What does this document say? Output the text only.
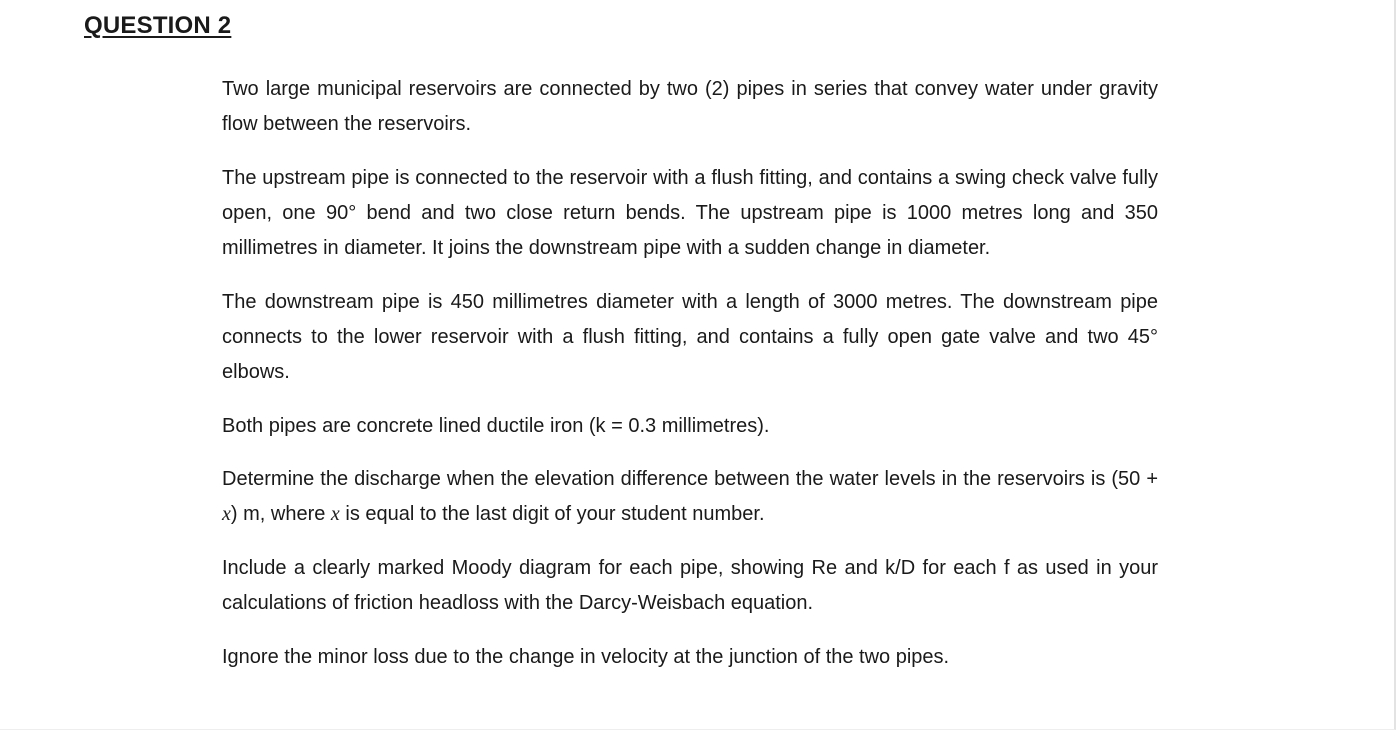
QUESTION 2

Two large municipal reservoirs are connected by two (2) pipes in series that convey water under gravity flow between the reservoirs.

The upstream pipe is connected to the reservoir with a flush fitting, and contains a swing check valve fully open, one 90° bend and two close return bends. The upstream pipe is 1000 metres long and 350 millimetres in diameter. It joins the downstream pipe with a sudden change in diameter.

The downstream pipe is 450 millimetres diameter with a length of 3000 metres. The downstream pipe connects to the lower reservoir with a flush fitting, and contains a fully open gate valve and two 45° elbows.

Both pipes are concrete lined ductile iron (k = 0.3 millimetres).

Determine the discharge when the elevation difference between the water levels in the reservoirs is (50 + x) m, where x is equal to the last digit of your student number.

Include a clearly marked Moody diagram for each pipe, showing Re and k/D for each f as used in your calculations of friction headloss with the Darcy-Weisbach equation.

Ignore the minor loss due to the change in velocity at the junction of the two pipes.
